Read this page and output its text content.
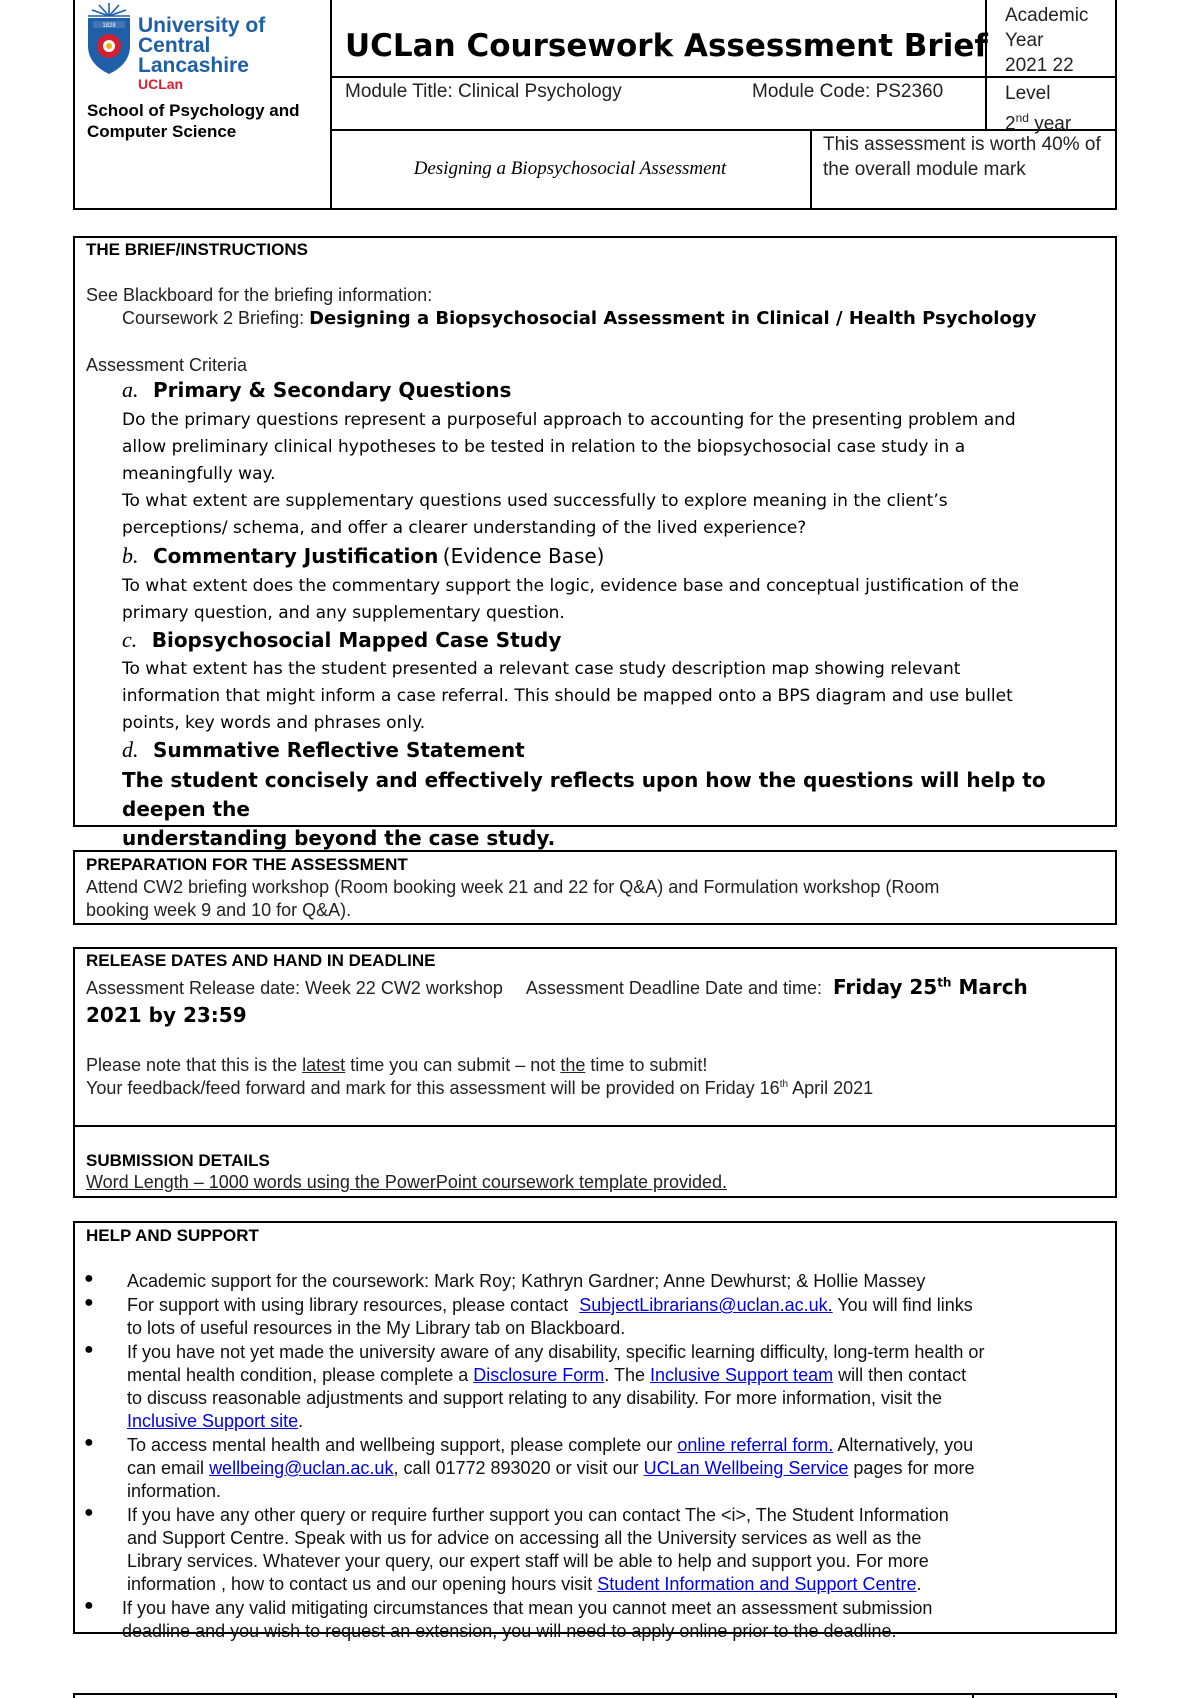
1828 University of
Central Lancashire
UCLan
School of Psychology and Computer Science
UCLan Coursework Assessment Brief
Academic Year
2021 22
Module Title: Clinical Psychology	Module Code: PS2360	Level
2nd year
Designing a Biopsychosocial Assessment
This assessment is worth 40% of the overall module mark
THE BRIEF/INSTRUCTIONS
See Blackboard for the briefing information:
Coursework 2 Briefing: Designing a Biopsychosocial Assessment in Clinical / Health Psychology
Assessment Criteria
a. Primary & Secondary Questions
Do the primary questions represent a purposeful approach to accounting for the presenting problem and
allow preliminary clinical hypotheses to be tested in relation to the biopsychosocial case study in a
meaningfully way.
To what extent are supplementary questions used successfully to explore meaning in the client’s
perceptions/ schema, and offer a clearer understanding of the lived experience?
b. Commentary Justification (Evidence Base)
To what extent does the commentary support the logic, evidence base and conceptual justification of the
primary question, and any supplementary question.
c. Biopsychosocial Mapped Case Study
To what extent has the student presented a relevant case study description map showing relevant
information that might inform a case referral. This should be mapped onto a BPS diagram and use bullet
points, key words and phrases only.
d. Summative Reflective Statement
The student concisely and effectively reflects upon how the questions will help to deepen the
understanding beyond the case study.
PREPARATION FOR THE ASSESSMENT
Attend CW2 briefing workshop (Room booking week 21 and 22 for Q&A) and Formulation workshop (Room
booking week 9 and 10 for Q&A).
RELEASE DATES AND HAND IN DEADLINE
Assessment Release date: Week 22 CW2 workshop Assessment Deadline Date and time: Friday 25th March
2021 by 23:59
Please note that this is the latest time you can submit – not the time to submit!
Your feedback/feed forward and mark for this assessment will be provided on Friday 16th April 2021
SUBMISSION DETAILS
Word Length – 1000 words using the PowerPoint coursework template provided.
HELP AND SUPPORT
● Academic support for the coursework: Mark Roy; Kathryn Gardner; Anne Dewhurst; & Hollie Massey
● For support with using library resources, please contact SubjectLibrarians@uclan.ac.uk. You will find links
to lots of useful resources in the My Library tab on Blackboard.
● If you have not yet made the university aware of any disability, specific learning difficulty, long-term health or
mental health condition, please complete a Disclosure Form. The Inclusive Support team will then contact
to discuss reasonable adjustments and support relating to any disability. For more information, visit the
Inclusive Support site.
● To access mental health and wellbeing support, please complete our online referral form. Alternatively, you
can email wellbeing@uclan.ac.uk, call 01772 893020 or visit our UCLan Wellbeing Service pages for more
information.
● If you have any other query or require further support you can contact The <i>, The Student Information
and Support Centre. Speak with us for advice on accessing all the University services as well as the
Library services. Whatever your query, our expert staff will be able to help and support you. For more
information , how to contact us and our opening hours visit Student Information and Support Centre.
● If you have any valid mitigating circumstances that mean you cannot meet an assessment submission
deadline and you wish to request an extension, you will need to apply online prior to the deadline.
